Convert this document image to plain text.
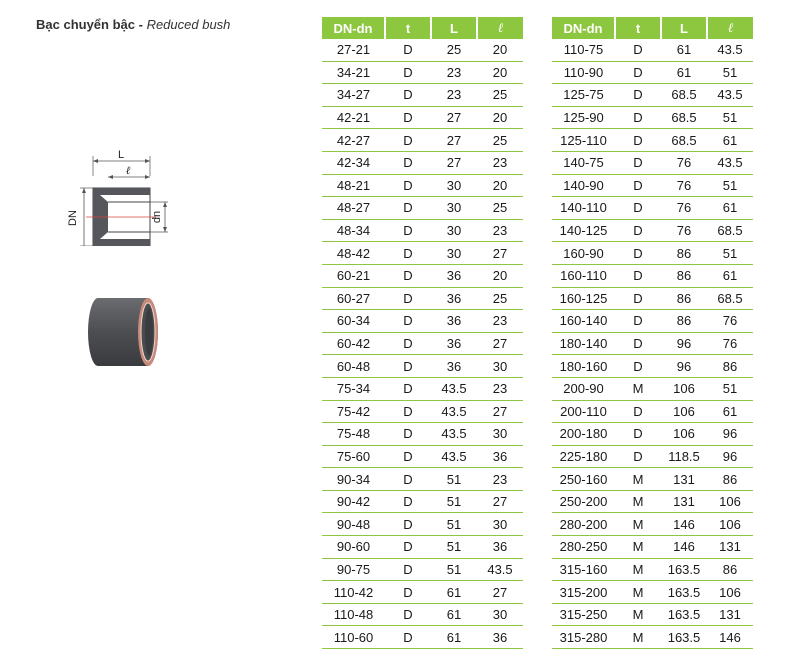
Bạc chuyển bậc - Reduced bush
L
ℓ
DN	dn
DN-dn	t	L	ℓ
27-21	D	25	20
34-21	D	23	20
34-27	D	23	25
42-21	D	27	20
42-27	D	27	25
42-34	D	27	23
48-21	D	30	20
48-27	D	30	25
48-34	D	30	23
48-42	D	30	27
60-21	D	36	20
60-27	D	36	25
60-34	D	36	23
60-42	D	36	27
60-48	D	36	30
75-34	D	43.5	23
75-42	D	43.5	27
75-48	D	43.5	30
75-60	D	43.5	36
90-34	D	51	23
90-42	D	51	27
90-48	D	51	30
90-60	D	51	36
90-75	D	51	43.5
110-42	D	61	27
110-48	D	61	30
110-60	D	61	36
DN-dn	t	L	ℓ
110-75	D	61	43.5
110-90	D	61	51
125-75	D	68.5	43.5
125-90	D	68.5	51
125-110	D	68.5	61
140-75	D	76	43.5
140-90	D	76	51
140-110	D	76	61
140-125	D	76	68.5
160-90	D	86	51
160-110	D	86	61
160-125	D	86	68.5
160-140	D	86	76
180-140	D	96	76
180-160	D	96	86
200-90	M	106	51
200-110	D	106	61
200-180	D	106	96
225-180	D	118.5	96
250-160	M	131	86
250-200	M	131	106
280-200	M	146	106
280-250	M	146	131
315-160	M	163.5	86
315-200	M	163.5	106
315-250	M	163.5	131
315-280	M	163.5	146
